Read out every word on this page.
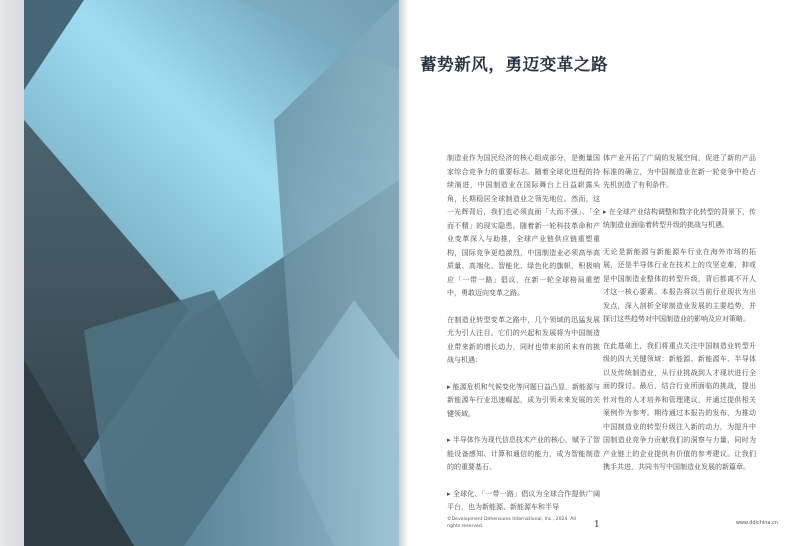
蓄势新风，勇迈变革之路

制造业作为国民经济的核心组成部分，是衡量国家综合竞争力的重要标志。随着全球化进程的持续演进，中国制造业在国际舞台上日益崭露头角，长期稳居全球制造业之领先地位。然而，这一光辉背后，我们也必须直面「大而不强」、「全而不精」的现实隐患。随着新一轮科技革命和产业变革深入与助推，全球产业链供应链重塑重构，国际竞争更趋激烈，中国制造业必须高举高质量、高端化、智能化、绿色化的旗帜，积极响应「一带一路」倡议，在新一轮全球格局重塑中，勇敢迈向变革之路。

在制造业转型变革之路中，几个领域的迅猛发展尤为引人注目。它们的兴起和发展将为中国制造业带来新的增长动力，同时也带来前所未有的挑战与机遇：

▸ 能源危机和气候变化等问题日益凸显，新能源与新能源车行业迅速崛起，成为引领未来发展的关键领域。

▸ 半导体作为现代信息技术产业的核心，赋予了智能设备感知、计算和通信的能力，成为智能制造的的重要基石。

▸ 全球化、「一带一路」倡议为全球合作提供广阔平台，也为新能源、新能源车和半导

体产业开拓了广阔的发展空间，促进了新的产品标准的确立，为中国制造业在新一轮竞争中抢占先机创造了有利条件。

▸ 在全球产业结构调整和数字化转型的背景下，传统制造业面临着转型升级的挑战与机遇。

无论是新能源与新能源车行业在海外市场的拓展，还是半导体行业在技术上的攻坚克难，抑或是中国制造业整体的转型升级，背后都离不开人才这一核心要素。本报告将以当前行业现状为出发点，深入剖析全球制造业发展的主要趋势，并探讨这些趋势对中国制造业的影响及应对策略。

在此基础上，我们将重点关注中国制造业转型升级的四大关键领域：新能源、新能源车、半导体以及传统制造业，从行业挑战到人才现状进行全面的探讨。最后，结合行业所面临的挑战，提出针对性的人才培养和管理建议，并通过提供相关案例作为参考。期待通过本报告的发布，为推动中国制造业的转型升级注入新的动力，为提升中国制造业竞争力贡献我们的洞察与力量，同时为产业链上的企业提供有价值的参考建议。让我们携手共进，共同书写中国制造业发展的新篇章。

©Development Dimensions International, Inc., 2024. All rights reserved.	1	www.ddichina.cn
